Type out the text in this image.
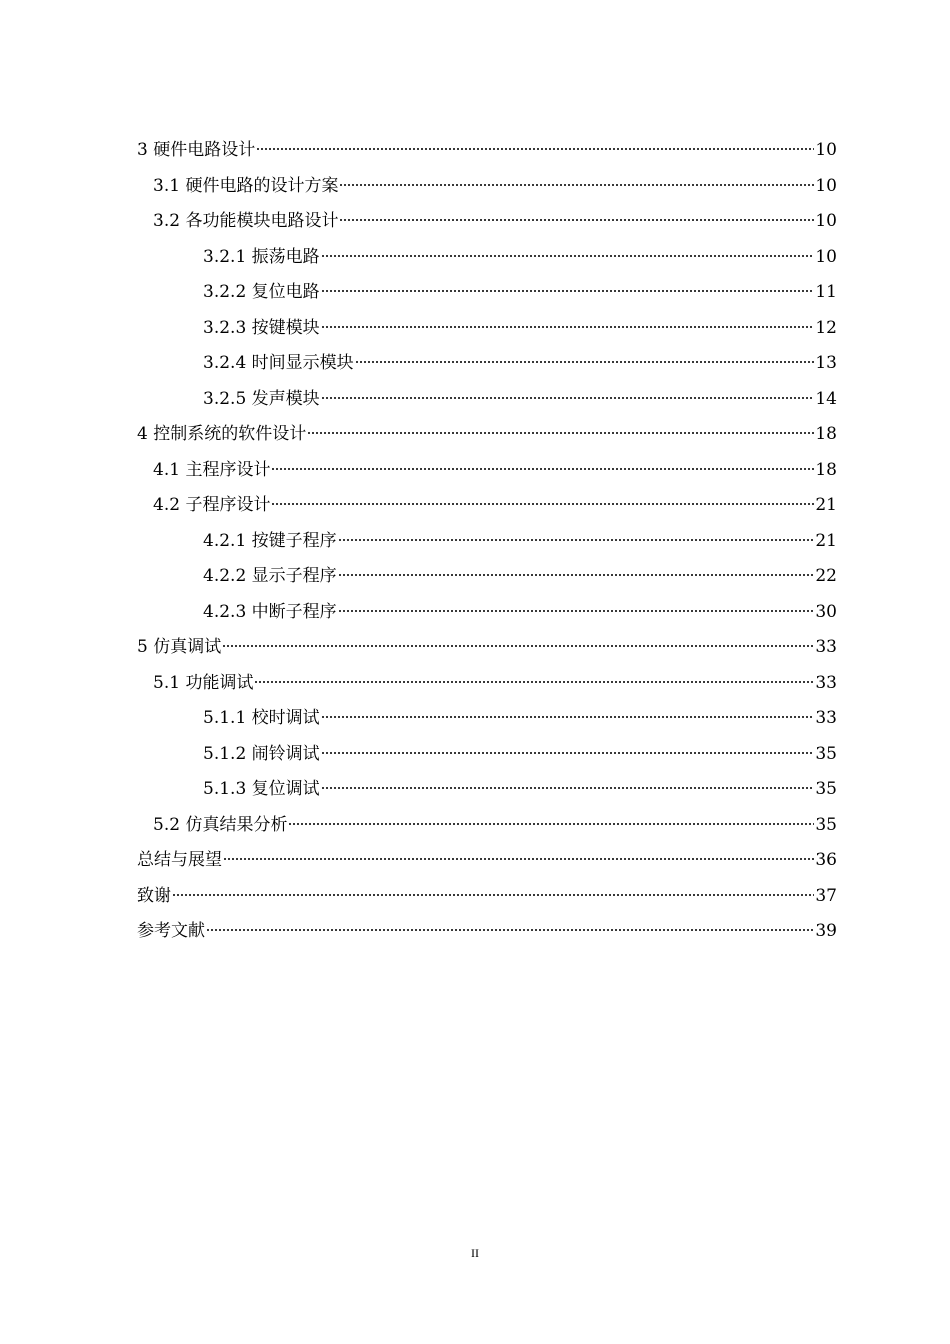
3 硬件电路设计	10
3.1 硬件电路的设计方案	10
3.2 各功能模块电路设计	10
3.2.1 振荡电路	10
3.2.2 复位电路	11
3.2.3 按键模块	12
3.2.4 时间显示模块	13
3.2.5 发声模块	14
4 控制系统的软件设计	18
4.1 主程序设计	18
4.2 子程序设计	21
4.2.1 按键子程序	21
4.2.2 显示子程序	22
4.2.3 中断子程序	30
5 仿真调试	33
5.1 功能调试	33
5.1.1 校时调试	33
5.1.2 闹铃调试	35
5.1.3 复位调试	35
5.2 仿真结果分析	35
总结与展望	36
致谢	37
参考文献	39
II
